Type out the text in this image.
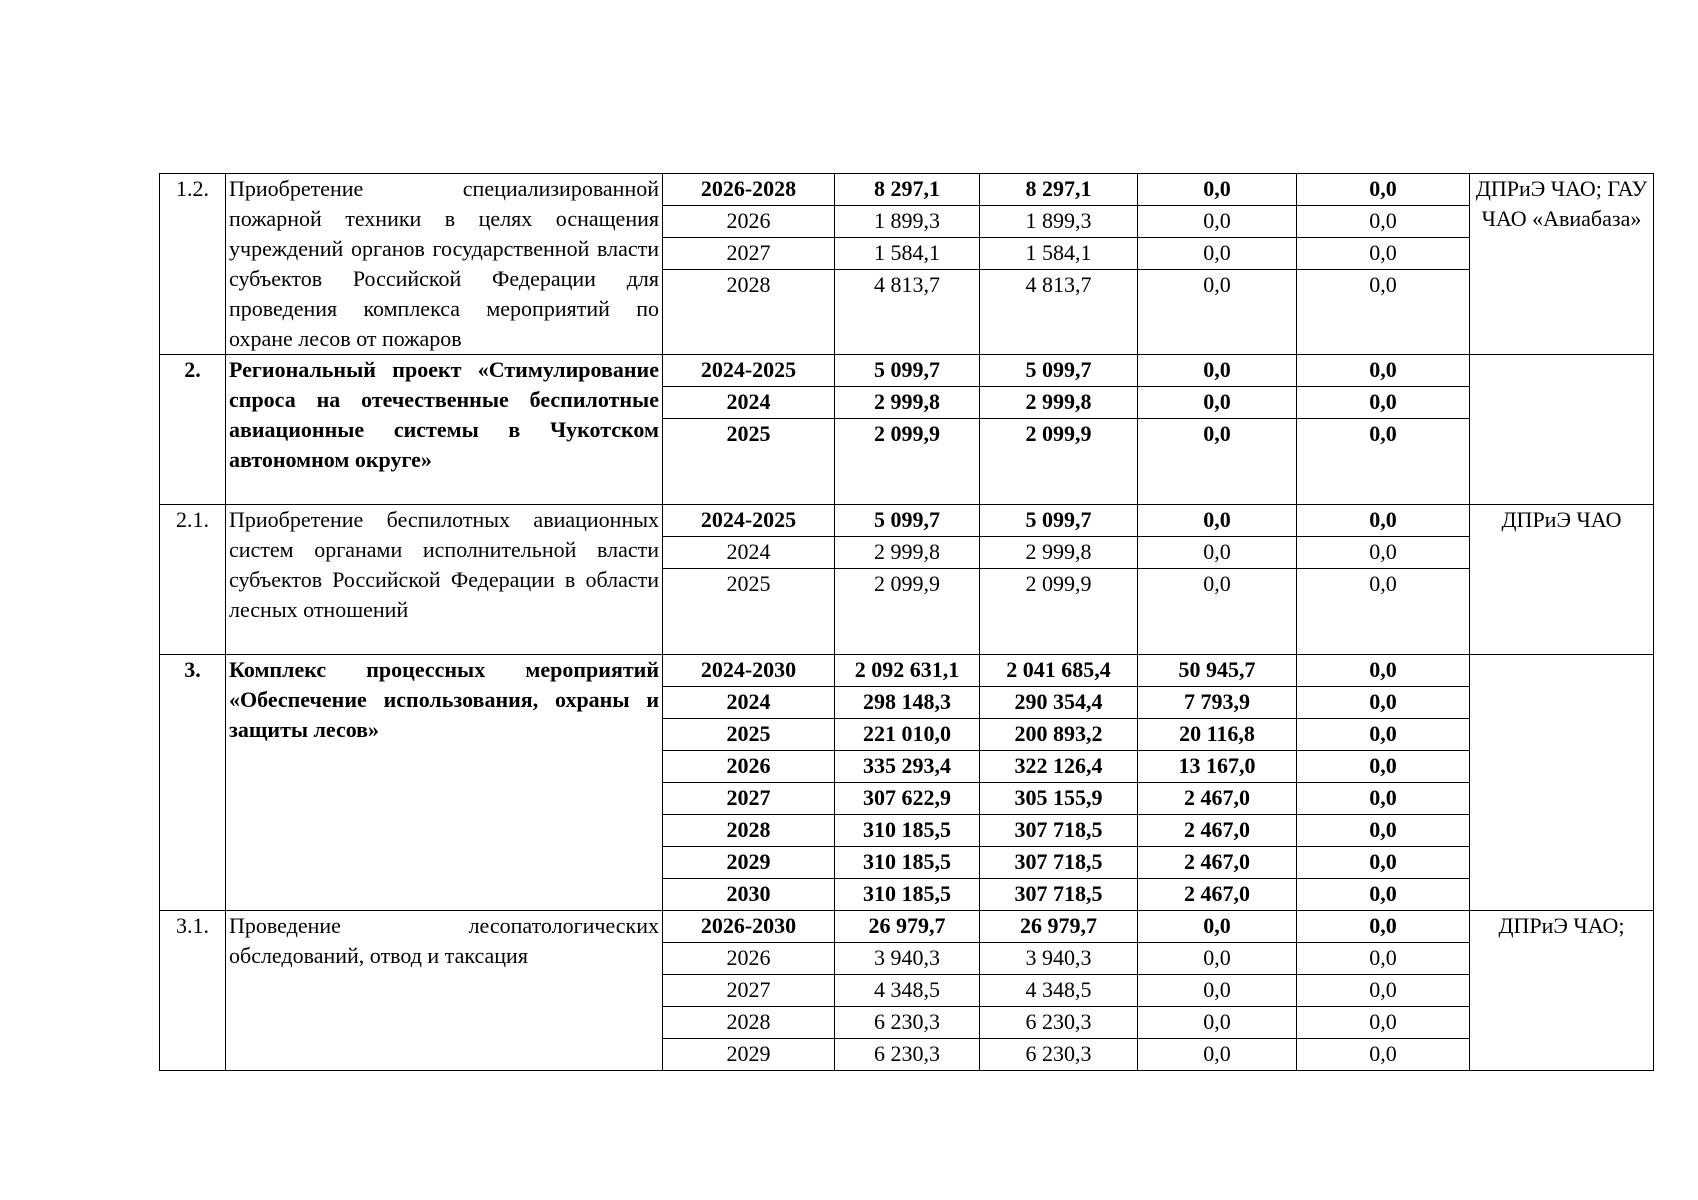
1.2.	Приобретение специализированной пожарной техники в целях оснащения учреждений органов государственной власти субъектов Российской Федерации для проведения комплекса мероприятий по охране лесов от пожаров	2026-2028	8 297,1	8 297,1	0,0	0,0	ДПРиЭ ЧАО; ГАУ ЧАО «Авиабаза»
		2026	1 899,3	1 899,3	0,0	0,0	
		2027	1 584,1	1 584,1	0,0	0,0	
		2028	4 813,7	4 813,7	0,0	0,0	

2.	Региональный проект «Стимулирование спроса на отечественные беспилотные авиационные системы в Чукотском автономном округе»	2024-2025	5 099,7	5 099,7	0,0	0,0	
		2024	2 999,8	2 999,8	0,0	0,0	
		2025	2 099,9	2 099,9	0,0	0,0	
2.1.	Приобретение беспилотных авиационных систем органами исполнительной власти субъектов Российской Федерации в области лесных отношений	2024-2025	5 099,7	5 099,7	0,0	0,0	ДПРиЭ ЧАО
		2024	2 999,8	2 999,8	0,0	0,0	
		2025	2 099,9	2 099,9	0,0	0,0	
3.	Комплекс процессных мероприятий «Обеспечение использования, охраны и защиты лесов»	2024-2030	2 092 631,1	2 041 685,4	50 945,7	0,0	
		2024	298 148,3	290 354,4	7 793,9	0,0	
		2025	221 010,0	200 893,2	20 116,8	0,0	
		2026	335 293,4	322 126,4	13 167,0	0,0	
		2027	307 622,9	305 155,9	2 467,0	0,0	
		2028	310 185,5	307 718,5	2 467,0	0,0	
		2029	310 185,5	307 718,5	2 467,0	0,0	
		2030	310 185,5	307 718,5	2 467,0	0,0	
3.1.	Проведение лесопатологических обследований, отвод и таксация	2026-2030	26 979,7	26 979,7	0,0	0,0	ДПРиЭ ЧАО;
		2026	3 940,3	3 940,3	0,0	0,0	
		2027	4 348,5	4 348,5	0,0	0,0	
		2028	6 230,3	6 230,3	0,0	0,0	
		2029	6 230,3	6 230,3	0,0	0,0	
